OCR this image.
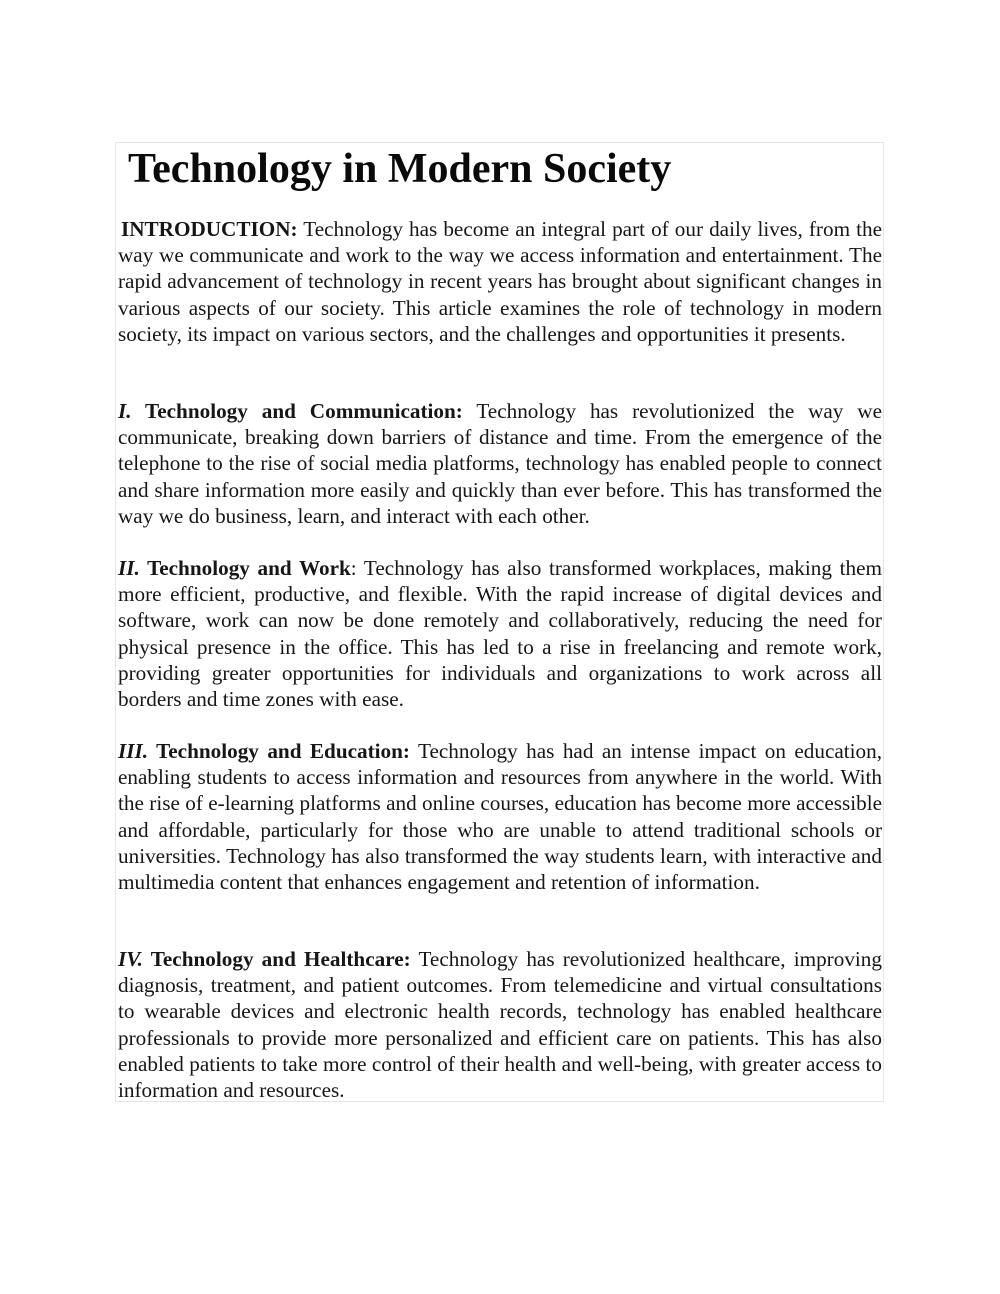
Technology in Modern Society

INTRODUCTION: Technology has become an integral part of our daily lives, from the way we communicate and work to the way we access information and entertainment. The rapid advancement of technology in recent years has brought about significant changes in various aspects of our society. This article examines the role of technology in modern society, its impact on various sectors, and the challenges and opportunities it presents.

I. Technology and Communication: Technology has revolutionized the way we communicate, breaking down barriers of distance and time. From the emergence of the telephone to the rise of social media platforms, technology has enabled people to connect and share information more easily and quickly than ever before. This has transformed the way we do business, learn, and interact with each other.

II. Technology and Work: Technology has also transformed workplaces, making them more efficient, productive, and flexible. With the rapid increase of digital devices and software, work can now be done remotely and collaboratively, reducing the need for physical presence in the office. This has led to a rise in freelancing and remote work, providing greater opportunities for individuals and organizations to work across all borders and time zones with ease.

III. Technology and Education: Technology has had an intense impact on education, enabling students to access information and resources from anywhere in the world. With the rise of e-learning platforms and online courses, education has become more accessible and affordable, particularly for those who are unable to attend traditional schools or universities. Technology has also transformed the way students learn, with interactive and multimedia content that enhances engagement and retention of information.

IV. Technology and Healthcare: Technology has revolutionized healthcare, improving diagnosis, treatment, and patient outcomes. From telemedicine and virtual consultations to wearable devices and electronic health records, technology has enabled healthcare professionals to provide more personalized and efficient care on patients. This has also enabled patients to take more control of their health and well-being, with greater access to information and resources.
